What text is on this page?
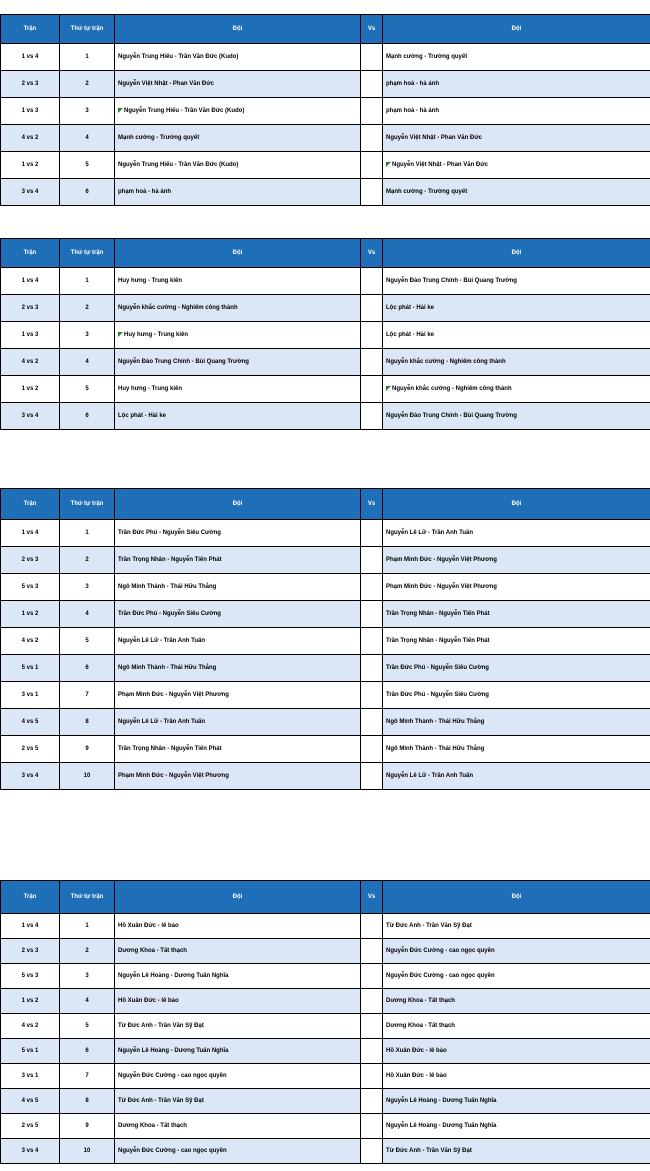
Trận	Thứ tự trận	Đội	Vs	Đội
1 vs 4	1	Nguyễn Trung Hiếu - Trần Văn Đức (Kudo)		Mạnh cường - Trường quyết
2 vs 3	2	Nguyễn Việt Nhật - Phan Văn Đức		phạm hoà - hà ánh
1 vs 3	3	Nguyễn Trung Hiếu - Trần Văn Đức (Kudo)		phạm hoà - hà ánh
4 vs 2	4	Mạnh cường - Trường quyết		Nguyễn Việt Nhật - Phan Văn Đức
1 vs 2	5	Nguyễn Trung Hiếu - Trần Văn Đức (Kudo)		Nguyễn Việt Nhật - Phan Văn Đức
3 vs 4	6	phạm hoà - hà ánh		Mạnh cường - Trường quyết
Trận	Thứ tự trận	Đội	Vs	Đội
1 vs 4	1	Huy hưng - Trung kiên		Nguyễn Đào Trung Chính - Bùi Quang Trường
2 vs 3	2	Nguyễn khắc cường - Nghiêm công thành		Lộc phát - Hải ke
1 vs 3	3	Huy hưng - Trung kiên		Lộc phát - Hải ke
4 vs 2	4	Nguyễn Đào Trung Chính - Bùi Quang Trường		Nguyễn khắc cường - Nghiêm công thành
1 vs 2	5	Huy hưng - Trung kiên		Nguyễn khắc cường - Nghiêm công thành
3 vs 4	6	Lộc phát - Hải ke		Nguyễn Đào Trung Chính - Bùi Quang Trường
Trận	Thứ tự trận	Đội	Vs	Đội
1 vs 4	1	Trần Đức Phú - Nguyễn Siêu Cường		Nguyễn Lê Lữ - Trần Anh Tuấn
2 vs 3	2	Trần Trọng Nhân - Nguyễn Tiến Phát		Phạm Minh Đức - Nguyễn Việt Phương
5 vs 3	3	Ngô Minh Thành - Thái Hữu Thắng		Phạm Minh Đức - Nguyễn Việt Phương
1 vs 2	4	Trần Đức Phú - Nguyễn Siêu Cường		Trần Trọng Nhân - Nguyễn Tiến Phát
4 vs 2	5	Nguyễn Lê Lữ - Trần Anh Tuấn		Trần Trọng Nhân - Nguyễn Tiến Phát
5 vs 1	6	Ngô Minh Thành - Thái Hữu Thắng		Trần Đức Phú - Nguyễn Siêu Cường
3 vs 1	7	Phạm Minh Đức - Nguyễn Việt Phương		Trần Đức Phú - Nguyễn Siêu Cường
4 vs 5	8	Nguyễn Lê Lữ - Trần Anh Tuấn		Ngô Minh Thành - Thái Hữu Thắng
2 vs 5	9	Trần Trọng Nhân - Nguyễn Tiến Phát		Ngô Minh Thành - Thái Hữu Thắng
3 vs 4	10	Phạm Minh Đức - Nguyễn Việt Phương		Nguyễn Lê Lữ - Trần Anh Tuấn
Trận	Thứ tự trận	Đội	Vs	Đội
1 vs 4	1	Hồ Xuân Đức - lê bảo		Từ Đức Anh - Trần Văn Sỹ Đạt
2 vs 3	2	Dương Khoa - Tất thạch		Nguyễn Đức Cường - cao ngọc quyền
5 vs 3	3	Nguyễn Lê Hoàng - Dương Tuấn Nghĩa		Nguyễn Đức Cường - cao ngọc quyền
1 vs 2	4	Hồ Xuân Đức - lê bảo		Dương Khoa - Tất thạch
4 vs 2	5	Từ Đức Anh - Trần Văn Sỹ Đạt		Dương Khoa - Tất thạch
5 vs 1	6	Nguyễn Lê Hoàng - Dương Tuấn Nghĩa		Hồ Xuân Đức - lê bảo
3 vs 1	7	Nguyễn Đức Cường - cao ngọc quyền		Hồ Xuân Đức - lê bảo
4 vs 5	8	Từ Đức Anh - Trần Văn Sỹ Đạt		Nguyễn Lê Hoàng - Dương Tuấn Nghĩa
2 vs 5	9	Dương Khoa - Tất thạch		Nguyễn Lê Hoàng - Dương Tuấn Nghĩa
3 vs 4	10	Nguyễn Đức Cường - cao ngọc quyền		Từ Đức Anh - Trần Văn Sỹ Đạt
